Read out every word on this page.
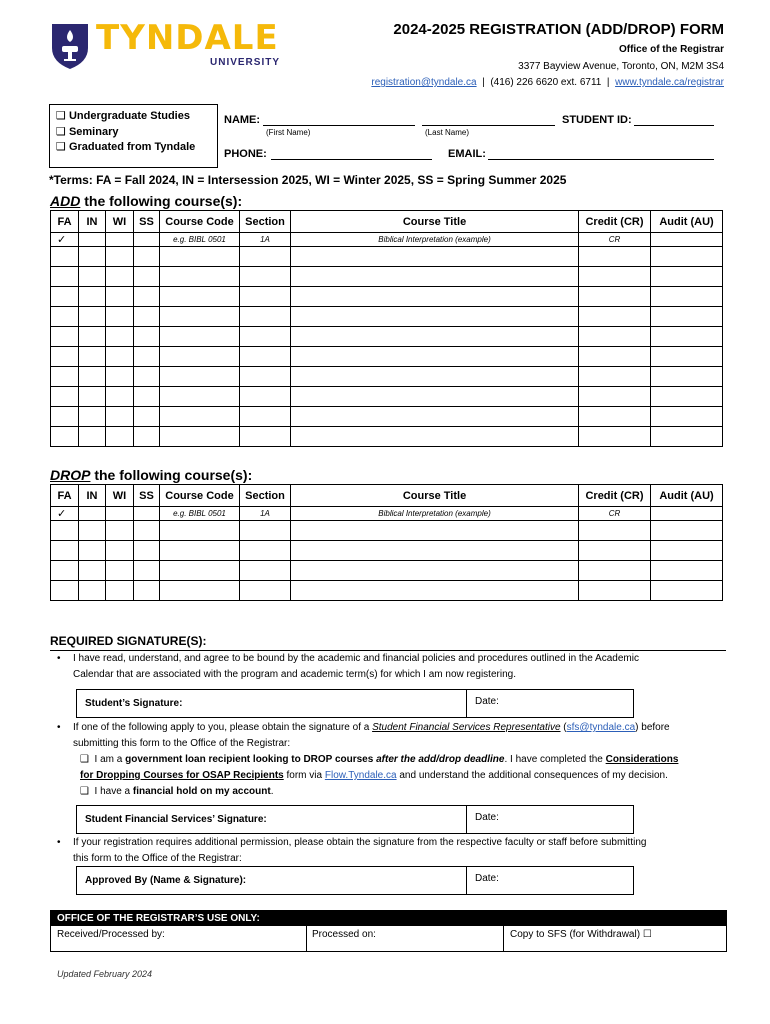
TYNDALE
UNIVERSITY
2024-2025 REGISTRATION (ADD/DROP) FORM
Office of the Registrar
3377 Bayview Avenue, Toronto, ON, M2M 3S4
registration@tyndale.ca | (416) 226 6620 ext. 6711 | www.tyndale.ca/registrar
❑ Undergraduate Studies
❑ Seminary
❑ Graduated from Tyndale
NAME:
(First Name)	(Last Name)
STUDENT ID:
PHONE:	EMAIL:
*Terms: FA = Fall 2024, IN = Intersession 2025, WI = Winter 2025, SS = Spring Summer 2025
ADD the following course(s):
FA	IN	WI	SS	Course Code	Section	Course Title	Credit (CR)	Audit (AU)
✓				e.g. BIBL 0501	1A	Biblical Interpretation (example)	CR	

DROP the following course(s):
FA	IN	WI	SS	Course Code	Section	Course Title	Credit (CR)	Audit (AU)
✓				e.g. BIBL 0501	1A	Biblical Interpretation (example)	CR	

REQUIRED SIGNATURE(S):
• I have read, understand, and agree to be bound by the academic and financial policies and procedures outlined in the Academic
Calendar that are associated with the program and academic term(s) for which I am now registering.
Student’s Signature:	Date:
• If one of the following apply to you, please obtain the signature of a Student Financial Services Representative (sfs@tyndale.ca) before
submitting this form to the Office of the Registrar:
❑ I am a government loan recipient looking to DROP courses after the add/drop deadline. I have completed the Considerations
for Dropping Courses for OSAP Recipients form via Flow.Tyndale.ca and understand the additional consequences of my decision.
❑ I have a financial hold on my account.
Student Financial Services’ Signature:	Date:
• If your registration requires additional permission, please obtain the signature from the respective faculty or staff before submitting
this form to the Office of the Registrar:
Approved By (Name & Signature):	Date:
OFFICE OF THE REGISTRAR’S USE ONLY:
Received/Processed by:	Processed on:	Copy to SFS (for Withdrawal) ☐
Updated February 2024
